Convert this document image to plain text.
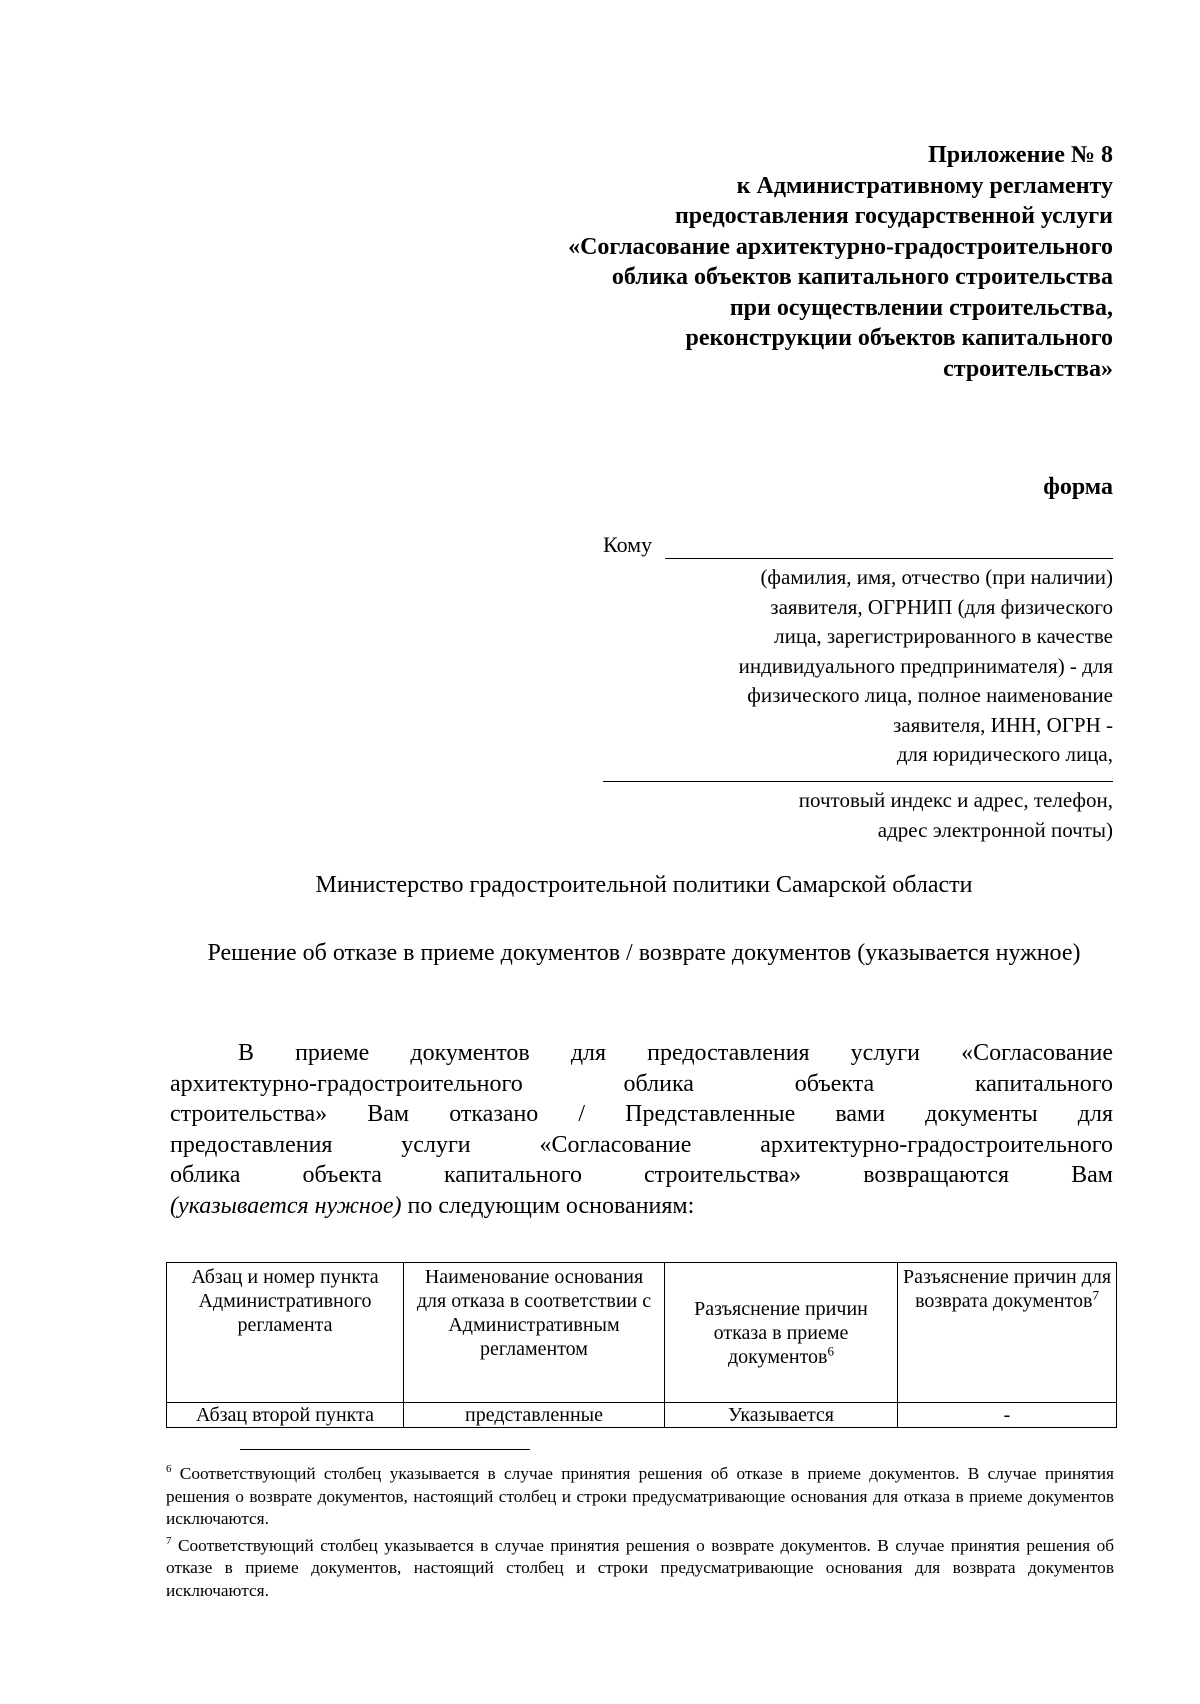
Приложение № 8
к Административному регламенту
предоставления государственной услуги
«Согласование архитектурно-градостроительного
облика объектов капитального строительства
при осуществлении строительства,
реконструкции объектов капитального
строительства»
форма
Кому
(фамилия, имя, отчество (при наличии)
заявителя, ОГРНИП (для физического
лица, зарегистрированного в качестве
индивидуального предпринимателя) - для
физического лица, полное наименование
заявителя, ИНН, ОГРН -
для юридического лица,
почтовый индекс и адрес, телефон,
адрес электронной почты)
Министерство градостроительной политики Самарской области
Решение об отказе в приеме документов / возврате документов (указывается нужное)
В приеме документов для предоставления услуги «Согласование
архитектурно-градостроительного облика объекта капитального
строительства» Вам отказано / Представленные вами документы для
предоставления услуги «Согласование архитектурно-градостроительного
облика объекта капитального строительства» возвращаются Вам
(указывается нужное) по следующим основаниям:
Абзац и номер пункта Административного регламента	Наименование основания для отказа в соответствии с Административным регламентом	Разъяснение причин отказа в приеме документов$^6$	Разъяснение причин для возврата документов$^7$
Абзац второй пункта	представленные	Указывается	-
$^6$ Соответствующий столбец указывается в случае принятия решения об отказе в приеме документов. В случае принятия решения о возврате документов, настоящий столбец и строки предусматривающие основания для отказа в приеме документов исключаются.
$^7$ Соответствующий столбец указывается в случае принятия решения о возврате документов. В случае принятия решения об отказе в приеме документов, настоящий столбец и строки предусматривающие основания для возврата документов исключаются.
